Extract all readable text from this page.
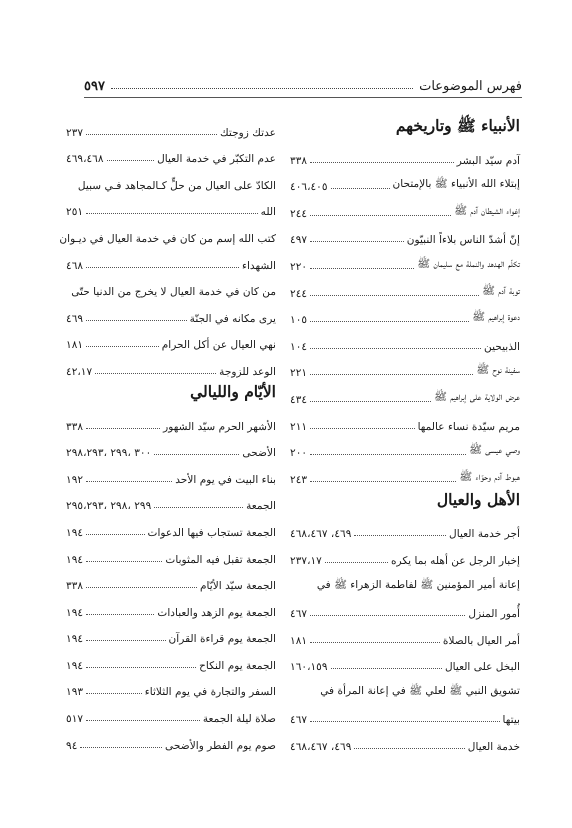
فهرس الموضوعات
٥٩٧
الأنبياء ﷺ وتاريخهم
آدم سيّد البشر
٣٣٨
إبتلاء الله الأنبياء ﷺ بالإمتحان
٤٠٦،٤٠٥
إغواء الشيطان آدم ﷺ
٢٤٤
إنّ أشدّ الناس بلاءاً النبيّون
٤٩٧
تكلّم الهدهد والنملة مع سليمان ﷺ
٢٢٠
توبة آدم ﷺ
٢٤٤
دعوة إبراهيم ﷺ
١٠٥
الذبيحين
١٠٤
سفينة نوح ﷺ
٢٢١
عرض الولاية على إبراهيم ﷺ
٤٣٤
مريم سيّدة نساء عالمها
٢١١
وصي عيسى ﷺ
٢٠٠
هبوط آدم وحوّاء ﷺ
٢٤٣
الأهل والعيال
أجر خدمة العيال
٤٦٩، ٤٦٨،٤٦٧
إخبار الرجل عن أهله بما يكره
٢٣٧،١٧
إعانة أمير المؤمنين ﷺ لفاطمة الزهراء ﷺ في
أُمور المنزل
٤٦٧
أمر العيال بالصلاة
١٨١
البخل على العيال
١٦٠،١٥٩
تشويق النبي ﷺ لعلي ﷺ في إعانة المرأة في
بيتها
٤٦٧
خدمة العيال
٤٦٩، ٤٦٨،٤٦٧
عدتك زوجتك
٢٣٧
عدم التكبّر في خدمة العيال
٤٦٩،٤٦٨
الكادّ على العيال من حلٍّ كـالمجاهد فـي سبيل
الله
٢٥١
كتب الله إسم من كان في خدمة العيال في ديـوان
الشهداء
٤٦٨
من كان في خدمة العيال لا يخرج من الدنيا حتّى
يرى مكانه في الجنّة
٤٦٩
نهي العيال عن أكل الحرام
١٨١
الوعد للزوجة
٤٢،١٧
الأيّام والليالي
الأشهر الحرم سيّد الشهور
٣٣٨
الأضحى
٣٠٠ ،٢٩٩ ،٢٩٨،٢٩٣
بناء البيت في يوم الأحد
١٩٢
الجمعة
٢٩٩ ،٢٩٨ ،٢٩٥،٢٩٣
الجمعة تستجاب فيها الدعوات
١٩٤
الجمعة تقبل فيه المثوبات
١٩٤
الجمعة سيّد الأيّام
٣٣٨
الجمعة يوم الزهد والعبادات
١٩٤
الجمعة يوم قراءة القرآن
١٩٤
الجمعة يوم النكاح
١٩٤
السفر والتجارة في يوم الثلاثاء
١٩٣
صلاة ليلة الجمعة
٥١٧
صوم يوم الفطر والأضحى
٩٤
